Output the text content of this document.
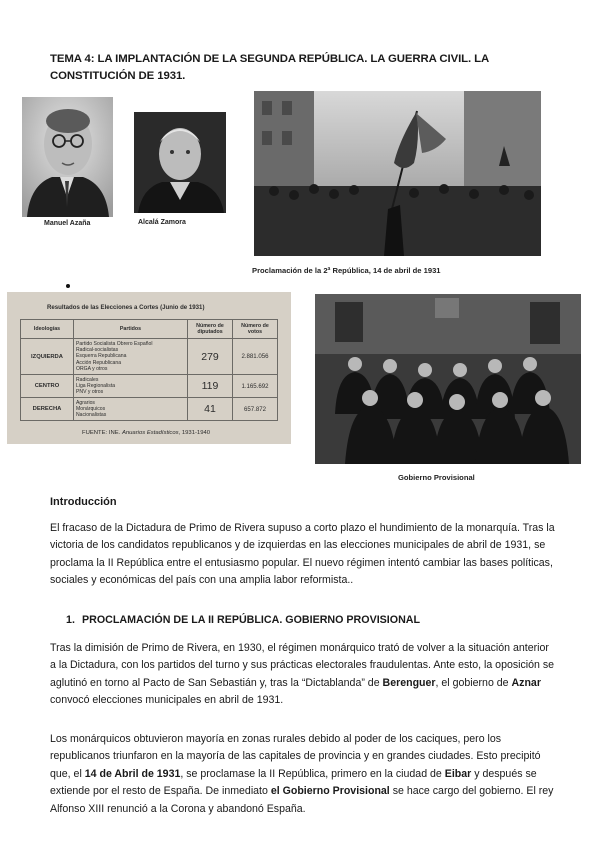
TEMA 4: LA IMPLANTACIÓN DE LA SEGUNDA REPÚBLICA. LA GUERRA CIVIL. LA CONSTITUCIÓN DE 1931.
Manuel Azaña	Alcalá Zamora
Proclamación de la 2ª República, 14 de abril de 1931
Resultados de las Elecciones a Cortes (Junio de 1931)
Ideologías	Partidos	Número de diputados	Número de votos
IZQUIERDA	Partido Socialista Obrero Español
Radical-socialistas
Esquerra Republicana
Acción Republicana
ORGA y otros	279	2.881.056
CENTRO	Radicales
Liga Regionalista
PNV y otros	119	1.165.692
DERECHA	Agrarios
Monárquicos
Nacionalistas	41	657.872
FUENTE: INE. Anuarios Estadísticos, 1931-1940
Gobierno Provisional
Introducción
El fracaso de la Dictadura de Primo de Rivera supuso a corto plazo el hundimiento de la monarquía. Tras la victoria de los candidatos republicanos y de izquierdas en las elecciones municipales de abril de 1931, se proclama la II República entre el entusiasmo popular. El nuevo régimen intentó cambiar las bases políticas, sociales y económicas del país con una amplia labor reformista..
1. PROCLAMACIÓN DE LA II REPÚBLICA. GOBIERNO PROVISIONAL
Tras la dimisión de Primo de Rivera, en 1930, el régimen monárquico trató de volver a la situación anterior a la Dictadura, con los partidos del turno y sus prácticas electorales fraudulentas. Ante esto, la oposición se aglutinó en torno al Pacto de San Sebastián y, tras la “Dictablanda” de Berenguer, el gobierno de Aznar convocó elecciones municipales en abril de 1931.
Los monárquicos obtuvieron mayoría en zonas rurales debido al poder de los caciques, pero los republicanos triunfaron en la mayoría de las capitales de provincia y en grandes ciudades. Esto precipitó que, el 14 de Abril de 1931, se proclamase la II República, primero en la ciudad de Eibar y después se extiende por el resto de España. De inmediato el Gobierno Provisional se hace cargo del gobierno. El rey Alfonso XIII renunció a la Corona y abandonó España.
